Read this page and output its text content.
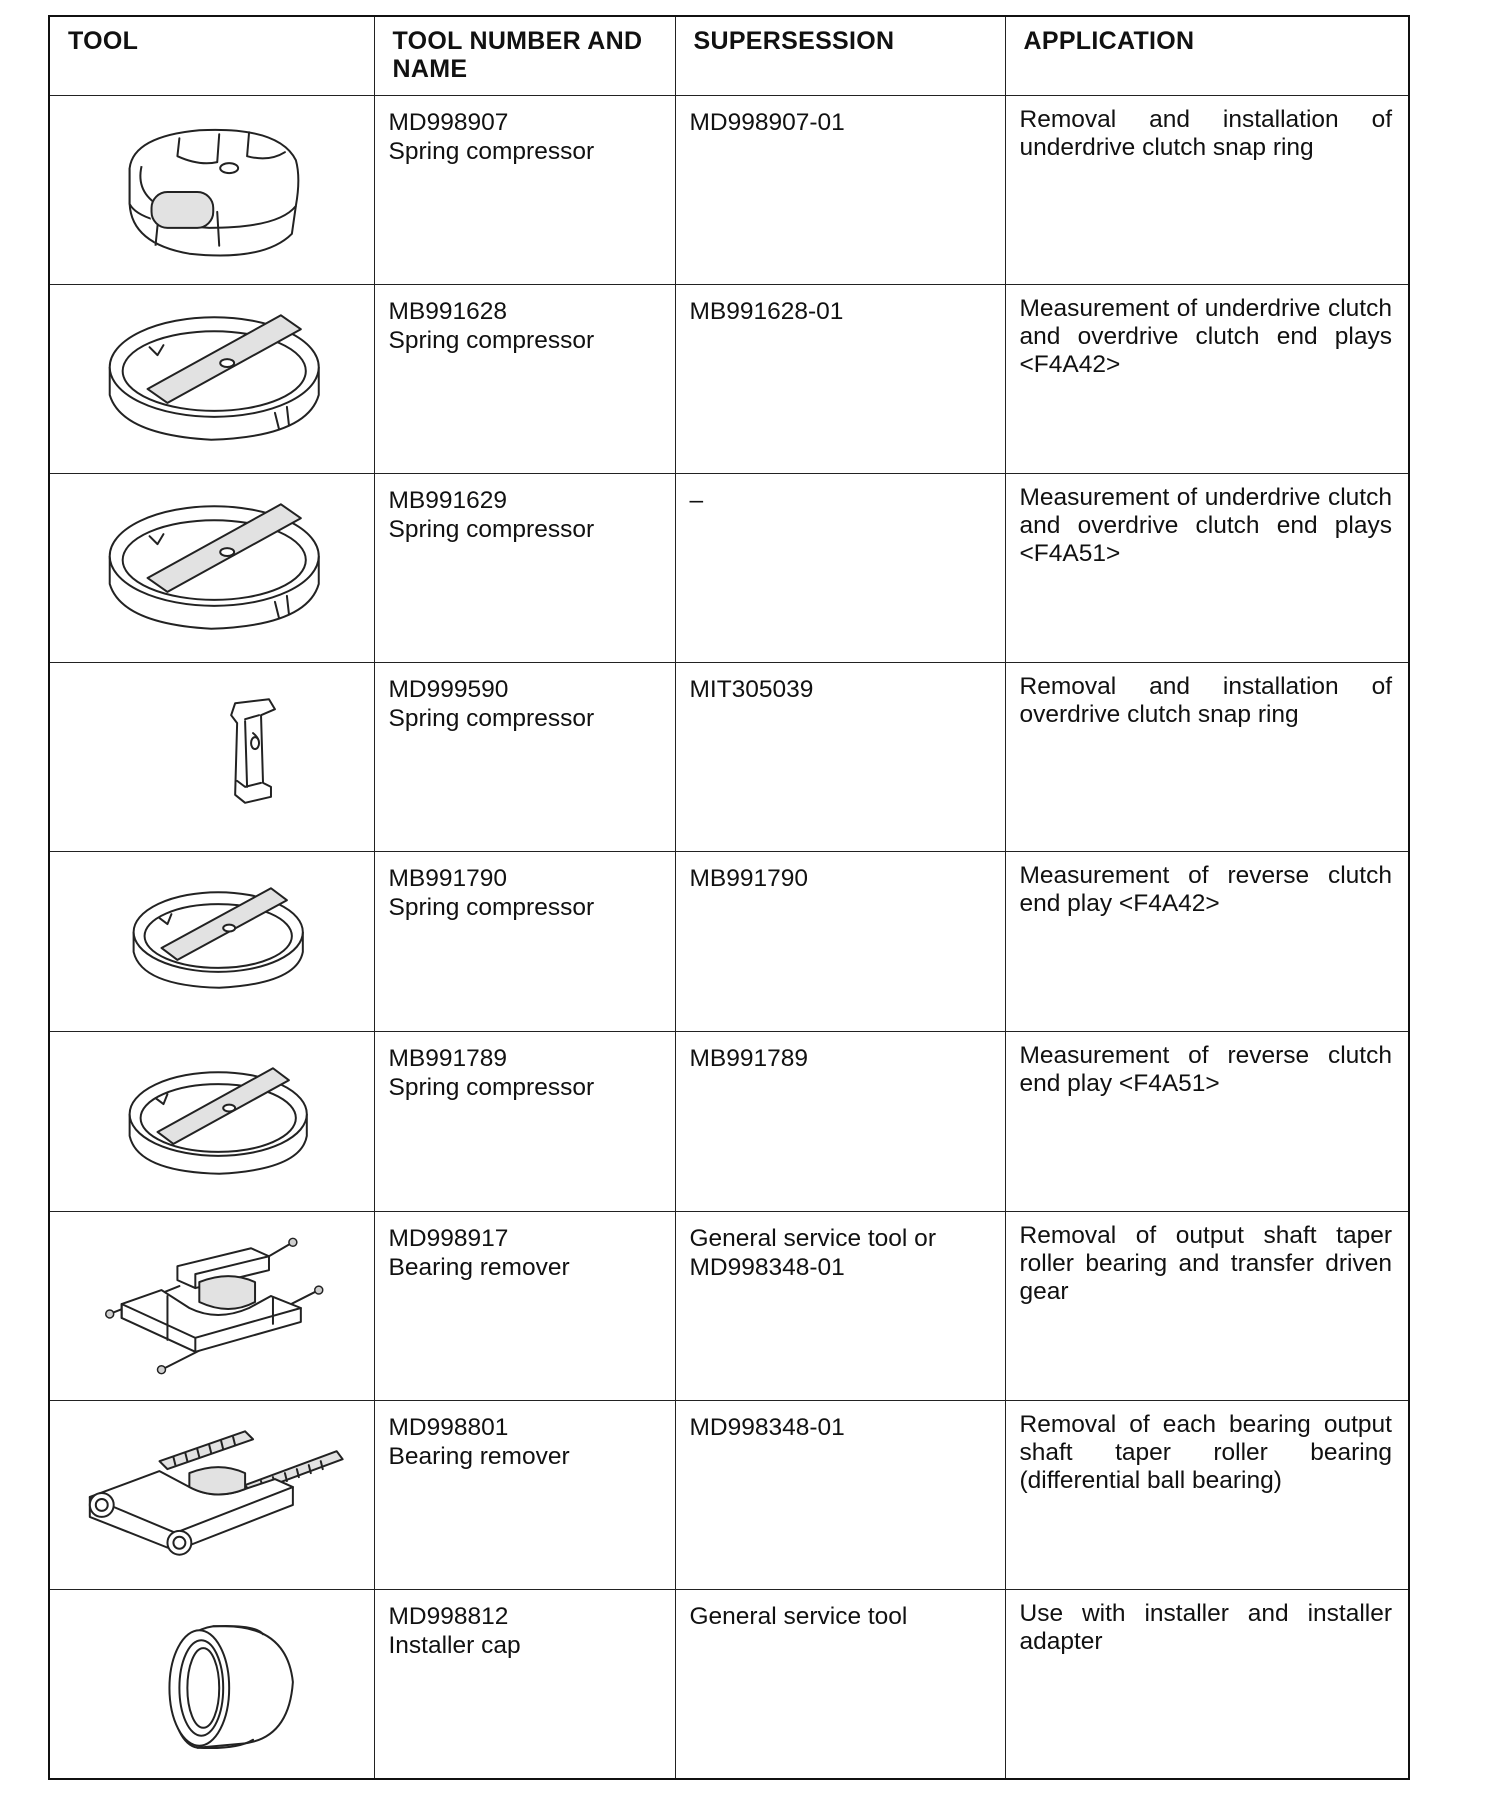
TOOL	TOOL NUMBER AND NAME	SUPERSESSION	APPLICATION

MD998907
Spring compressor	MD998907-01	Removal and installation of underdrive clutch snap ring

MB991628
Spring compressor	MB991628-01	Measurement of underdrive clutch and overdrive clutch end plays <F4A42>

MB991629
Spring compressor	–	Measurement of underdrive clutch and overdrive clutch end plays <F4A51>

MD999590
Spring compressor	MIT305039	Removal and installation of overdrive clutch snap ring

MB991790
Spring compressor	MB991790	Measurement of reverse clutch end play <F4A42>

MB991789
Spring compressor	MB991789	Measurement of reverse clutch end play <F4A51>

MD998917
Bearing remover	General service tool or MD998348-01	Removal of output shaft taper roller bearing and transfer driven gear

MD998801
Bearing remover	MD998348-01	Removal of each bearing output shaft taper roller bearing (differential ball bearing)

MD998812
Installer cap	General service tool	Use with installer and installer adapter
